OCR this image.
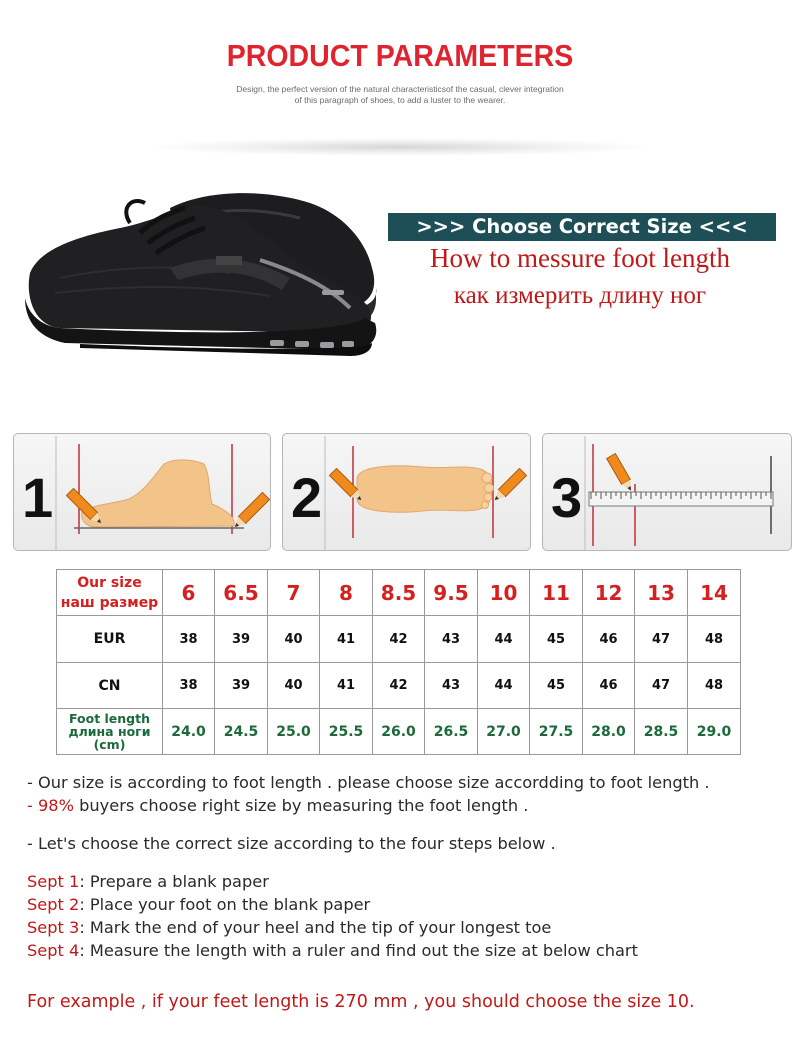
PRODUCT PARAMETERS
Design, the perfect version of the natural characteristicsof the casual, clever integration
of this paragraph of shoes, to add a luster to the wearer.
>>> Choose Correct Size <<<
How to messure foot length
как измерить длину ног
1	2	3
Our size
наш размер	6	6.5	7	8	8.5	9.5	10	11	12	13	14
EUR	38	39	40	41	42	43	44	45	46	47	48
CN	38	39	40	41	42	43	44	45	46	47	48

Foot length
длина ноги
(cm)	24.0	24.5	25.0	25.5	26.0	26.5	27.0	27.5	28.0	28.5	29.0
- Our size is according to foot length . please choose size accordding to foot length .
- 98% buyers choose right size by measuring the foot length .
- Let's choose the correct size according to the four steps below .
Sept 1: Prepare a blank paper
Sept 2: Place your foot on the blank paper
Sept 3: Mark the end of your heel and the tip of your longest toe
Sept 4: Measure the length with a ruler and find out the size at below chart
For example , if your feet length is 270 mm , you should choose the size 10.
